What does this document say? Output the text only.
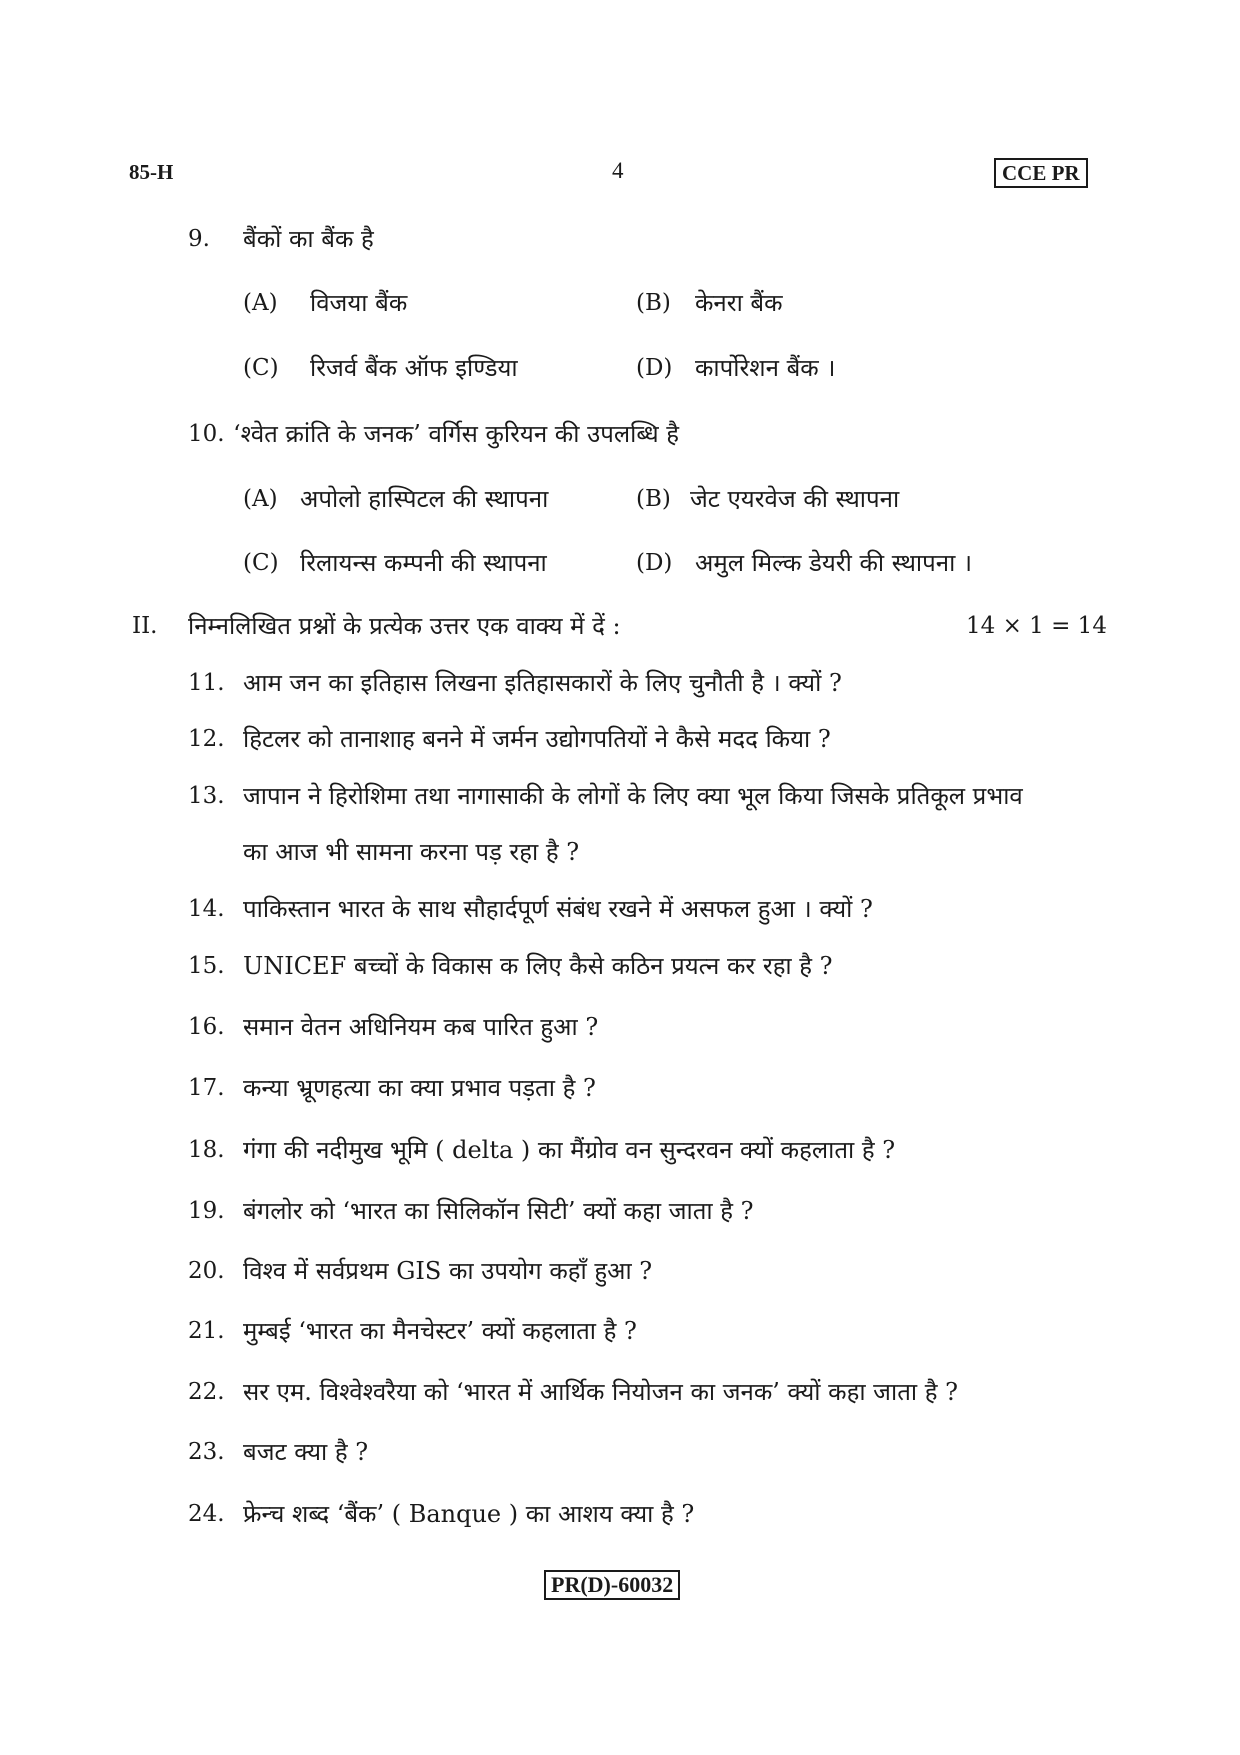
85-H	4	CCE PR
9. बैंकों का बैंक है
(A) विजया बैंक	(B) केनरा बैंक
(C) रिजर्व बैंक ऑफ इण्डिया	(D) कार्पोरेशन बैंक ।
10. ‘श्वेत क्रांति के जनक’ वर्गिस कुरियन की उपलब्धि है
(A) अपोलो हास्पिटल की स्थापना	(B) जेट एयरवेज की स्थापना
(C) रिलायन्स कम्पनी की स्थापना	(D) अमुल मिल्क डेयरी की स्थापना ।
II. निम्नलिखित प्रश्नों के प्रत्येक उत्तर एक वाक्य में दें :	14 × 1 = 14
11. आम जन का इतिहास लिखना इतिहासकारों के लिए चुनौती है । क्यों ?
12. हिटलर को तानाशाह बनने में जर्मन उद्योगपतियों ने कैसे मदद किया ?
13. जापान ने हिरोशिमा तथा नागासाकी के लोगों के लिए क्या भूल किया जिसके प्रतिकूल प्रभाव
का आज भी सामना करना पड़ रहा है ?
14. पाकिस्तान भारत के साथ सौहार्दपूर्ण संबंध रखने में असफल हुआ । क्यों ?
15. UNICEF बच्चों के विकास क लिए कैसे कठिन प्रयत्न कर रहा है ?
16. समान वेतन अधिनियम कब पारित हुआ ?
17. कन्या भ्रूणहत्या का क्या प्रभाव पड़ता है ?
18. गंगा की नदीमुख भूमि ( delta ) का मैंग्रोव वन सुन्दरवन क्यों कहलाता है ?
19. बंगलोर को ‘भारत का सिलिकॉन सिटी’ क्यों कहा जाता है ?
20. विश्व में सर्वप्रथम GIS का उपयोग कहाँ हुआ ?
21. मुम्बई ‘भारत का मैनचेस्टर’ क्यों कहलाता है ?
22. सर एम. विश्वेश्वरैया को ‘भारत में आर्थिक नियोजन का जनक’ क्यों कहा जाता है ?
23. बजट क्या है ?
24. फ्रेन्च शब्द ‘बैंक’ ( Banque ) का आशय क्या है ?
PR(D)-60032
